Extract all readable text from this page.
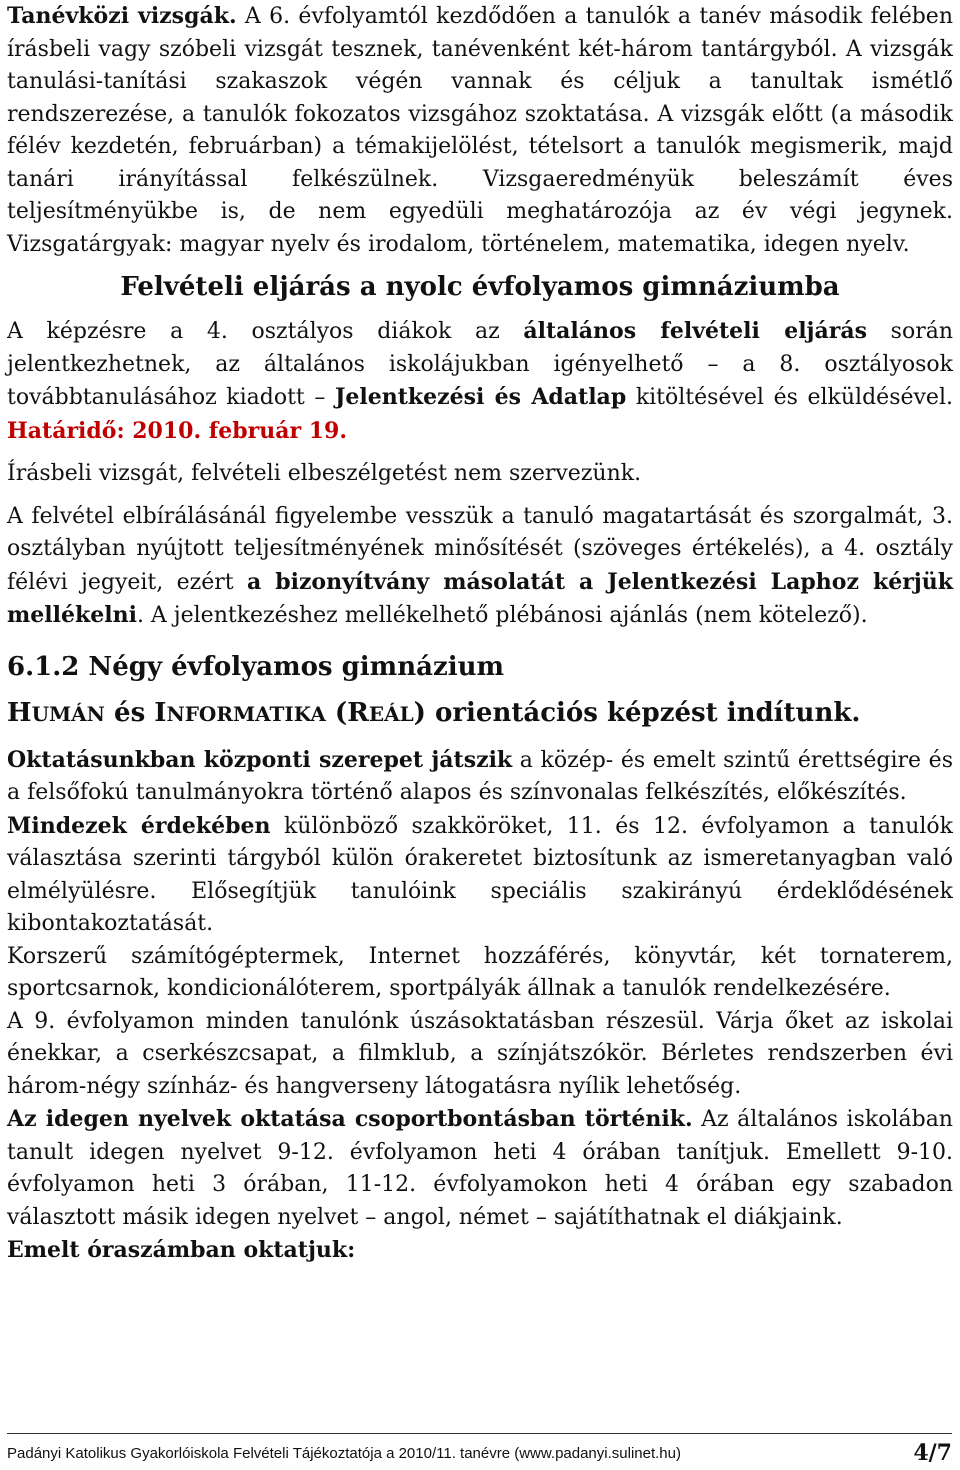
Tanévközi vizsgák. A 6. évfolyamtól kezdődően a tanulók a tanév második felében írásbeli vagy szóbeli vizsgát tesznek, tanévenként két-három tantárgyból. A vizsgák tanulási-tanítási szakaszok végén vannak és céljuk a tanultak ismétlő rendszerezése, a tanulók fokozatos vizsgához szoktatása. A vizsgák előtt (a második félév kezdetén, februárban) a témakijelölést, tételsort a tanulók megismerik, majd tanári irányítással felkészülnek. Vizsgaeredményük beleszámít éves teljesítményükbe is, de nem egyedüli meghatározója az év végi jegynek. Vizsgatárgyak: magyar nyelv és irodalom, történelem, matematika, idegen nyelv.

Felvételi eljárás a nyolc évfolyamos gimnáziumba

A képzésre a 4. osztályos diákok az általános felvételi eljárás során jelentkezhetnek, az általános iskolájukban igényelhető – a 8. osztályosok továbbtanulásához kiadott – Jelentkezési és Adatlap kitöltésével és elküldésével. Határidő: 2010. február 19.

Írásbeli vizsgát, felvételi elbeszélgetést nem szervezünk.

A felvétel elbírálásánál figyelembe vesszük a tanuló magatartását és szorgalmát, 3. osztályban nyújtott teljesítményének minősítését (szöveges értékelés), a 4. osztály félévi jegyeit, ezért a bizonyítvány másolatát a Jelentkezési Laphoz kérjük mellékelni. A jelentkezéshez mellékelhető plébánosi ajánlás (nem kötelező).

6.1.2 Négy évfolyamos gimnázium
HUMÁN és INFORMATIKA (REÁL) orientációs képzést indítunk.

Oktatásunkban központi szerepet játszik a közép- és emelt szintű érettségire és a felsőfokú tanulmányokra történő alapos és színvonalas felkészítés, előkészítés.

Mindezek érdekében különböző szakköröket, 11. és 12. évfolyamon a tanulók választása szerinti tárgyból külön órakeretet biztosítunk az ismeretanyagban való elmélyülésre. Elősegítjük tanulóink speciális szakirányú érdeklődésének kibontakoztatását.

Korszerű számítógéptermek, Internet hozzáférés, könyvtár, két tornaterem, sportcsarnok, kondicionálóterem, sportpályák állnak a tanulók rendelkezésére.

A 9. évfolyamon minden tanulónk úszásoktatásban részesül. Várja őket az iskolai énekkar, a cserkészcsapat, a filmklub, a színjátszókör. Bérletes rendszerben évi három-négy színház- és hangverseny látogatásra nyílik lehetőség.

Az idegen nyelvek oktatása csoportbontásban történik. Az általános iskolában tanult idegen nyelvet 9-12. évfolyamon heti 4 órában tanítjuk. Emellett 9-10. évfolyamon heti 3 órában, 11-12. évfolyamokon heti 4 órában egy szabadon választott másik idegen nyelvet – angol, német – sajátíthatnak el diákjaink.

Emelt óraszámban oktatjuk:

Padányi Katolikus Gyakorlóiskola Felvételi Tájékoztatója a 2010/11. tanévre (www.padanyi.sulinet.hu)	4/7
